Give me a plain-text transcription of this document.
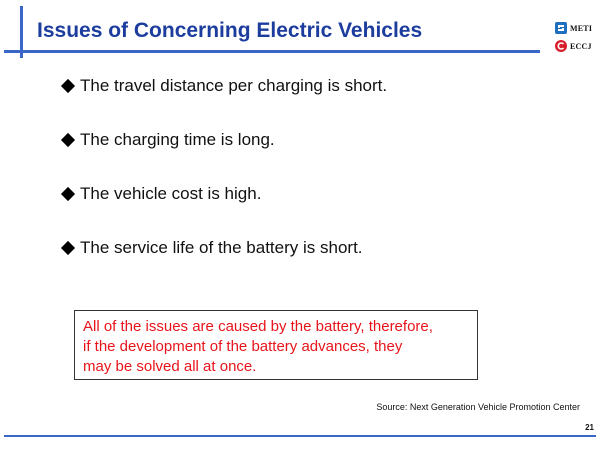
Issues of Concerning Electric Vehicles	METI
ECCJ
The travel distance per charging is short.
The charging time is long.
The vehicle cost is high.
The service life of the battery is short.

All of the issues are caused by the battery, therefore,
if the development of the battery advances, they
may be solved all at once.

Source: Next Generation Vehicle Promotion Center
21
